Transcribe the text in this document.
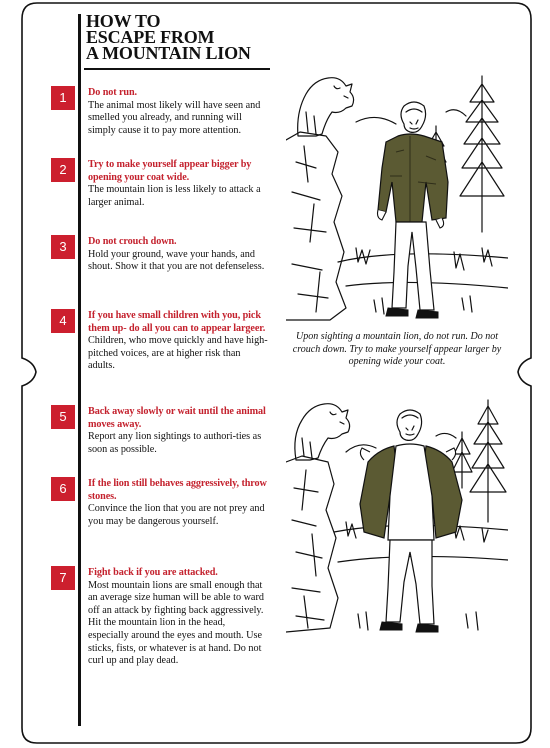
HOW TO
ESCAPE FROM
A MOUNTAIN LION
1	Do not run.
The animal most likely will have seen and smelled you already, and running will simply cause it to pay more attention.
2	Try to make yourself appear bigger by opening your coat wide.
The mountain lion is less likely to attack a larger animal.
3	Do not crouch down.
Hold your ground, wave your hands, and shout. Show it that you are not defenseless.
4	If you have small children with you, pick them up- do all you can to appear largeer.
Children, who move quickly and have high-pitched voices, are at higher risk than adults.
5	Back away slowly or wait until the animal moves away.
Report any lion sightings to authori-ties as soon as possible.
6	If the lion still behaves aggressively, throw stones.
Convince the lion that you are not prey and you may be dangerous yourself.
7	Fight back if you are attacked.
Most mountain lions are small enough that an average size human will be able to ward off an attack by fighting back aggressively. Hit the mountain lion in the head, especially around the eyes and mouth. Use sticks, fists, or whatever is at hand. Do not curl up and play dead.
Upon sighting a mountain lion, do not run. Do not crouch down. Try to make yourself appear larger by opening wide your coat.
